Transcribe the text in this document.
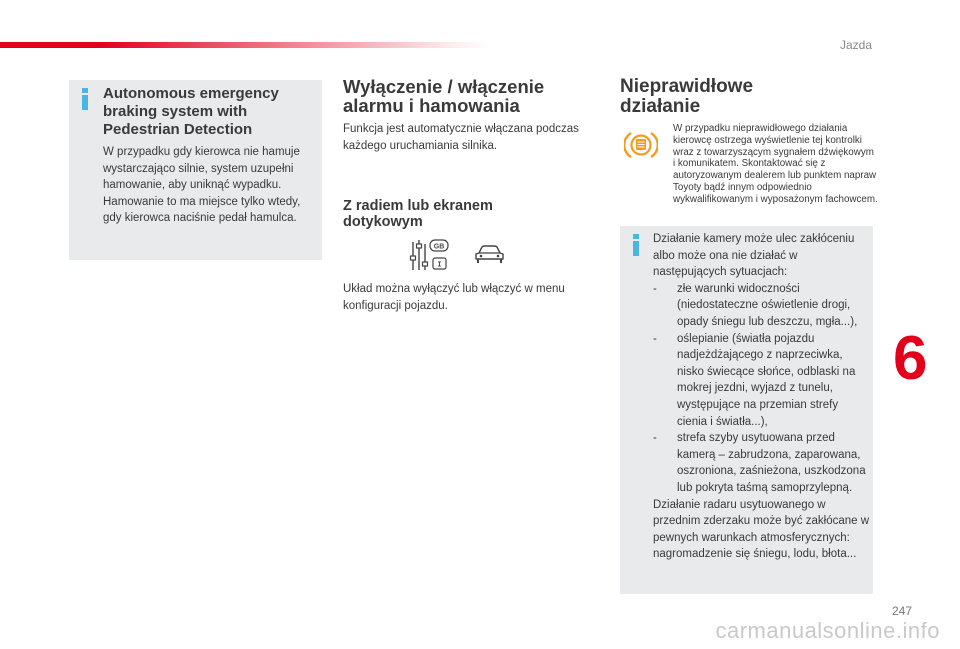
Jazda
Autonomous emergency braking system with Pedestrian Detection
W przypadku gdy kierowca nie hamuje wystarczająco silnie, system uzupełni hamowanie, aby uniknąć wypadku. Hamowanie to ma miejsce tylko wtedy, gdy kierowca naciśnie pedał hamulca.
Wyłączenie / włączenie alarmu i hamowania
Funkcja jest automatycznie włączana podczas każdego uruchamiania silnika.
Z radiem lub ekranem dotykowym
GB
I
Układ można wyłączyć lub włączyć w menu konfiguracji pojazdu.
Nieprawidłowe działanie
W przypadku nieprawidłowego działania kierowcę ostrzega wyświetlenie tej kontrolki wraz z towarzyszącym sygnałem dźwiękowym i komunikatem. Skontaktować się z autoryzowanym dealerem lub punktem napraw Toyoty bądź innym odpowiednio wykwalifikowanym i wyposażonym fachowcem.

Działanie kamery może ulec zakłóceniu albo może ona nie działać w następujących sytuacjach:

- złe warunki widoczności (niedostateczne oświetlenie drogi, opady śniegu lub deszczu, mgła...),

- oślepianie (światła pojazdu nadjeżdżającego z naprzeciwka, nisko świecące słońce, odblaski na mokrej jezdni, wyjazd z tunelu, występujące na przemian strefy cienia i światła...),

- strefa szyby usytuowana przed kamerą – zabrudzona, zaparowana, oszroniona, zaśnieżona, uszkodzona lub pokryta taśmą samoprzylepną.

Działanie radaru usytuowanego w przednim zderzaku może być zakłócane w pewnych warunkach atmosferycznych: nagromadzenie się śniegu, lodu, błota...

6
247
carmanualsonline.info
